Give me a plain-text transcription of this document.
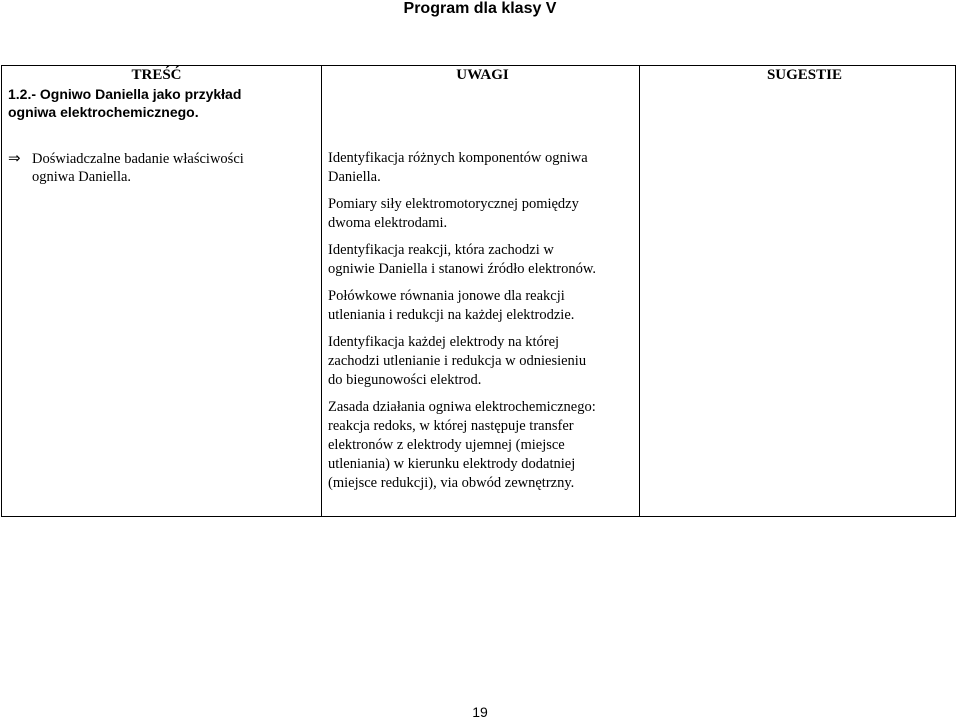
Program dla klasy V
TREŚĆ	UWAGI	SUGESTIE
1.2.- Ogniwo Daniella jako przykład
ogniwa elektrochemicznego.
⇒ Doświadczalne badanie właściwości
ogniwa Daniella.

Identyfikacja różnych komponentów ogniwa
Daniella.

Pomiary siły elektromotorycznej pomiędzy
dwoma elektrodami.

Identyfikacja reakcji, która zachodzi w
ogniwie Daniella i stanowi źródło elektronów.

Połówkowe równania jonowe dla reakcji
utleniania i redukcji na każdej elektrodzie.

Identyfikacja każdej elektrody na której
zachodzi utlenianie i redukcja w odniesieniu
do biegunowości elektrod.

Zasada działania ogniwa elektrochemicznego:
reakcja redoks, w której następuje transfer
elektronów z elektrody ujemnej (miejsce
utleniania) w kierunku elektrody dodatniej
(miejsce redukcji), via obwód zewnętrzny.

19
